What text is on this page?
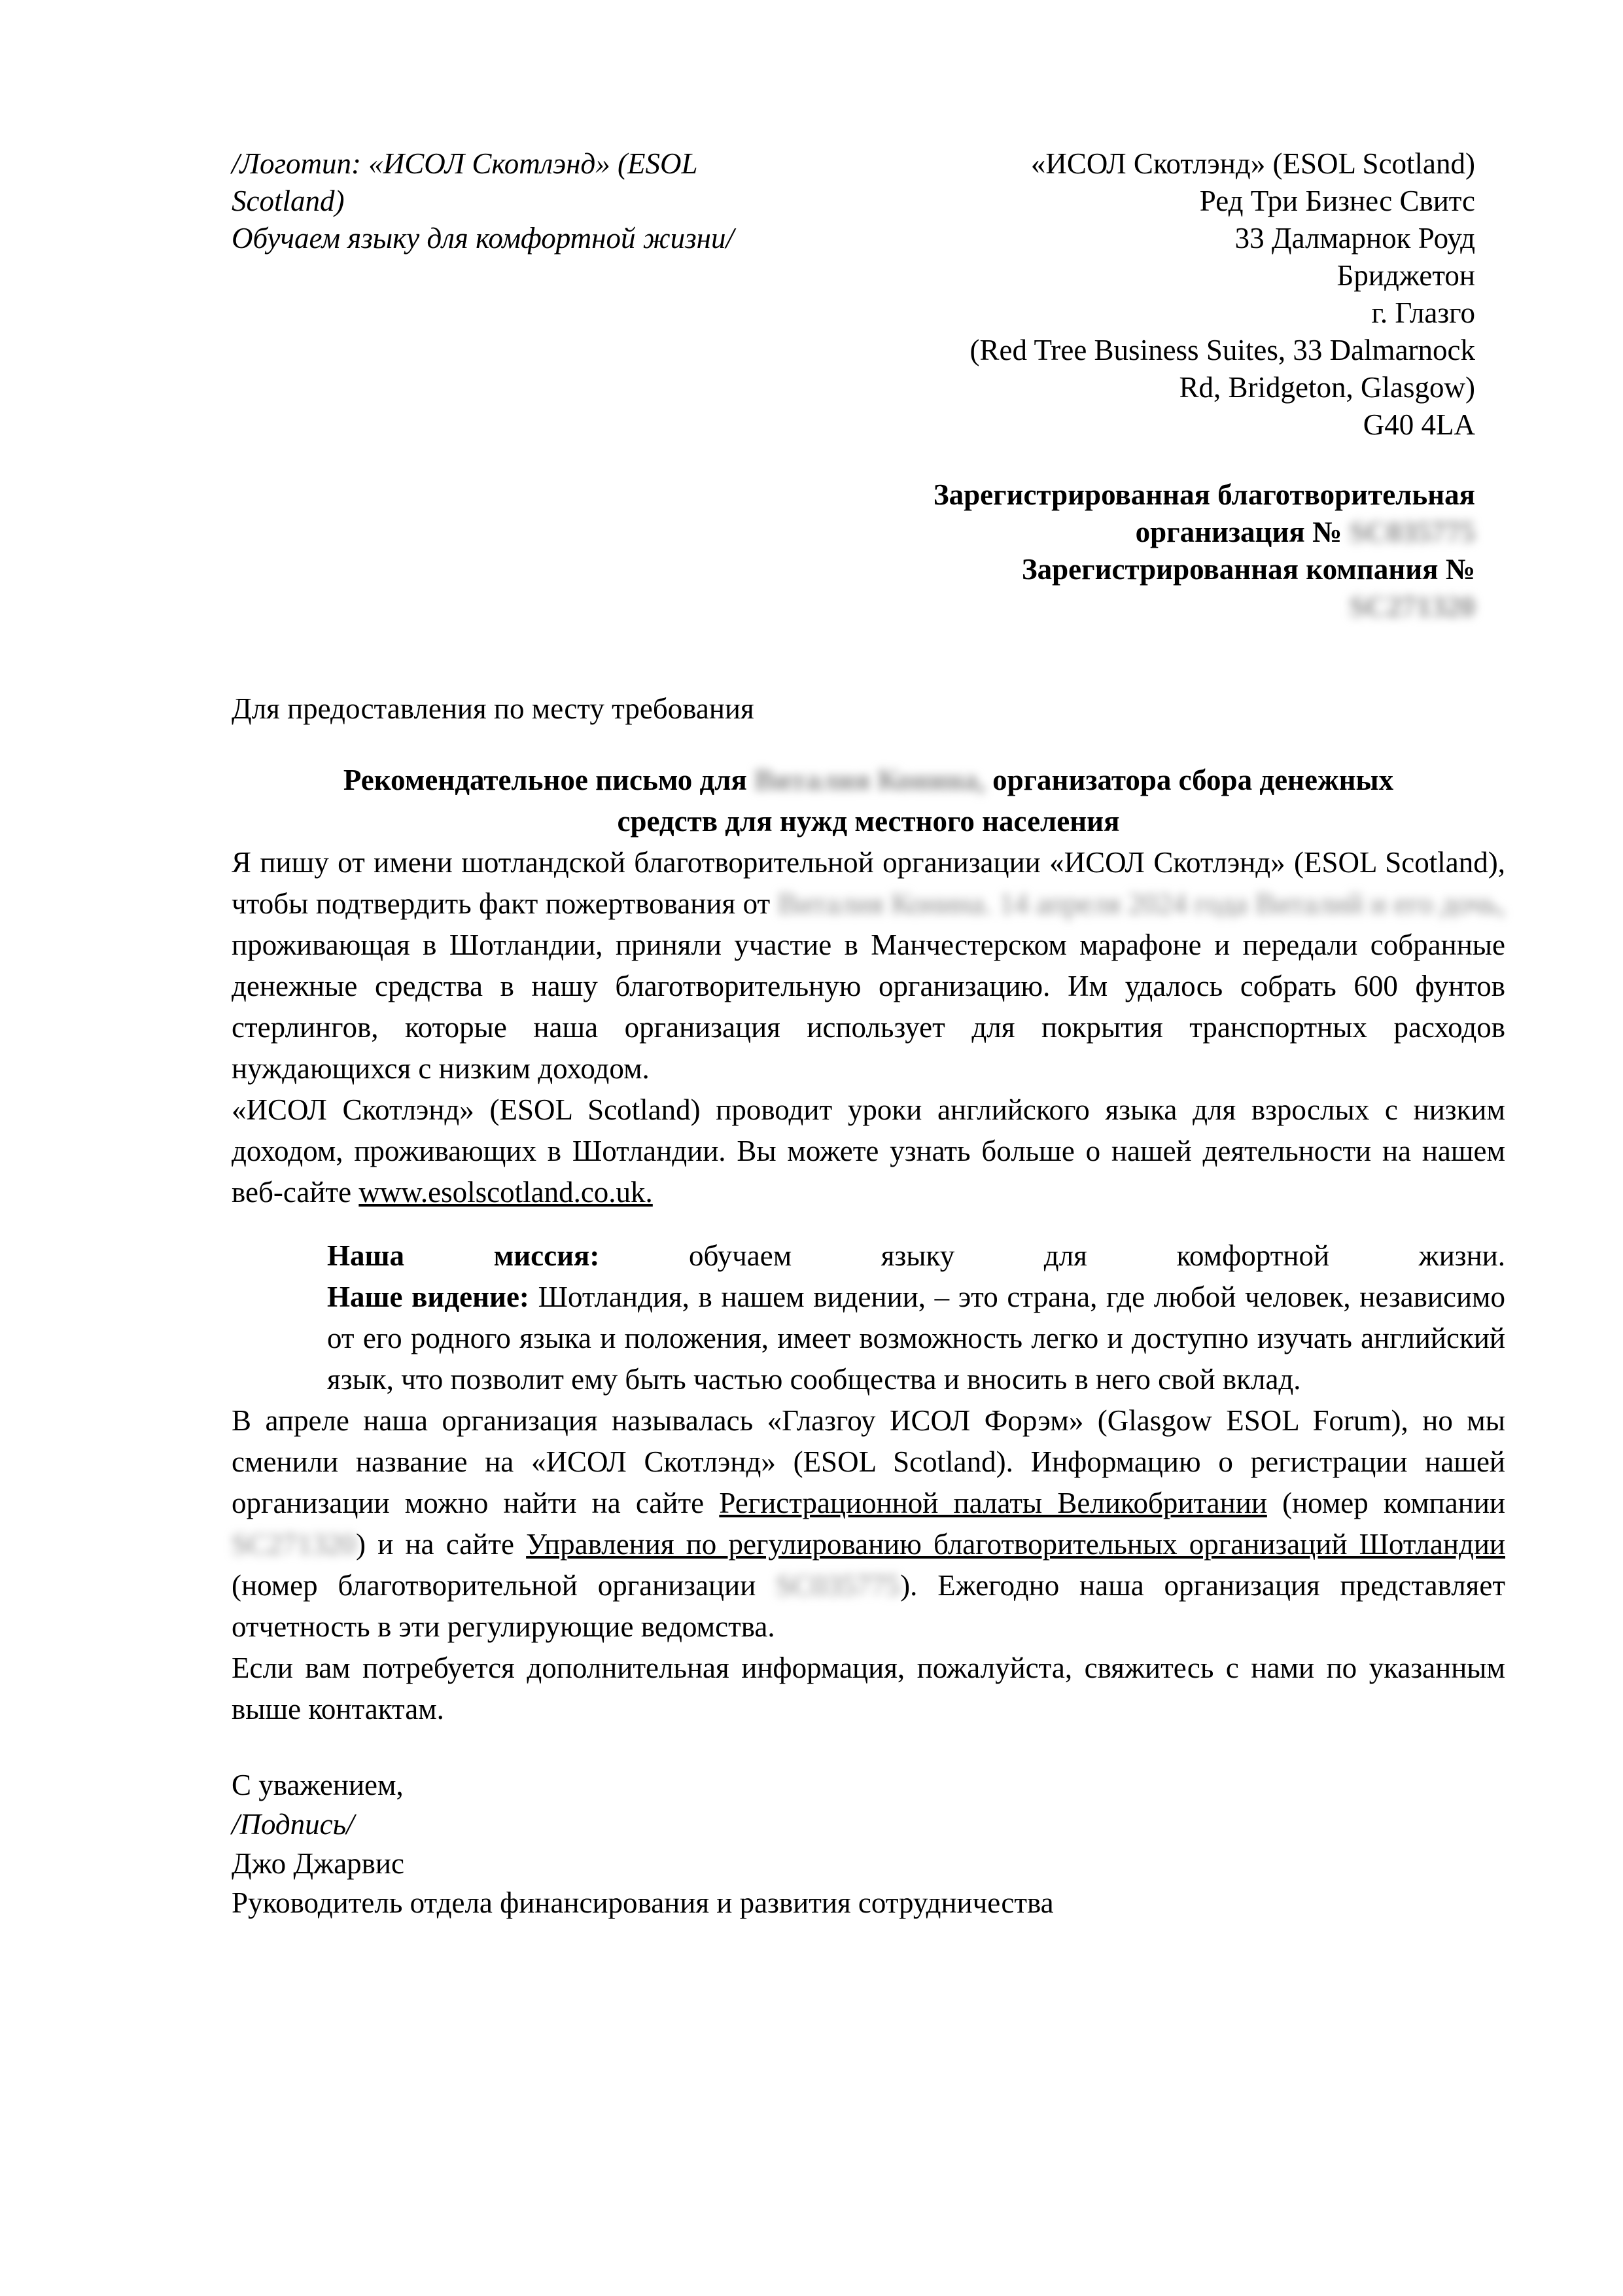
/Логотип: «ИСОЛ Скотлэнд» (ESOL
Scotland)
Обучаем языку для комфортной жизни/
«ИСОЛ Скотлэнд» (ESOL Scotland)
Ред Три Бизнес Свитс
33 Далмарнок Роуд
Бриджетон
г. Глазго
(Red Tree Business Suites, 33 Dalmarnock
Rd, Bridgeton, Glasgow)
G40 4LA
Зарегистрированная благотворительная
организация № SC035775
Зарегистрированная компания №
SC271320
Для предоставления по месту требования
Рекомендательное письмо для Виталия Конина, организатора сбора денежных
средств для нужд местного населения

Я пишу от имени шотландской благотворительной организации «ИСОЛ Скотлэнд» (ESOL Scotland), чтобы подтвердить факт пожертвования от Виталия Конина. 14 апреля 2024 года Виталий и его дочь, проживающая в Шотландии, приняли участие в Манчестерском марафоне и передали собранные денежные средства в нашу благотворительную организацию. Им удалось собрать 600 фунтов стерлингов, которые наша организация использует для покрытия транспортных расходов нуждающихся с низким доходом.

«ИСОЛ Скотлэнд» (ESOL Scotland) проводит уроки английского языка для взрослых с низким доходом, проживающих в Шотландии. Вы можете узнать больше о нашей деятельности на нашем веб-сайте www.esolscotland.co.uk.

Наша миссия: обучаем языку для комфортной жизни.
Наше видение: Шотландия, в нашем видении, – это страна, где любой человек, независимо от его родного языка и положения, имеет возможность легко и доступно изучать английский язык, что позволит ему быть частью сообщества и вносить в него свой вклад.

В апреле наша организация называлась «Глазгоу ИСОЛ Форэм» (Glasgow ESOL Forum), но мы сменили название на «ИСОЛ Скотлэнд» (ESOL Scotland). Информацию о регистрации нашей организации можно найти на сайте Регистрационной палаты Великобритании (номер компании SC271320) и на сайте Управления по регулированию благотворительных организаций Шотландии (номер благотворительной организации SC035775). Ежегодно наша организация представляет отчетность в эти регулирующие ведомства.

Если вам потребуется дополнительная информация, пожалуйста, свяжитесь с нами по указанным выше контактам.

С уважением,
/Подпись/
Джо Джарвис
Руководитель отдела финансирования и развития сотрудничества
